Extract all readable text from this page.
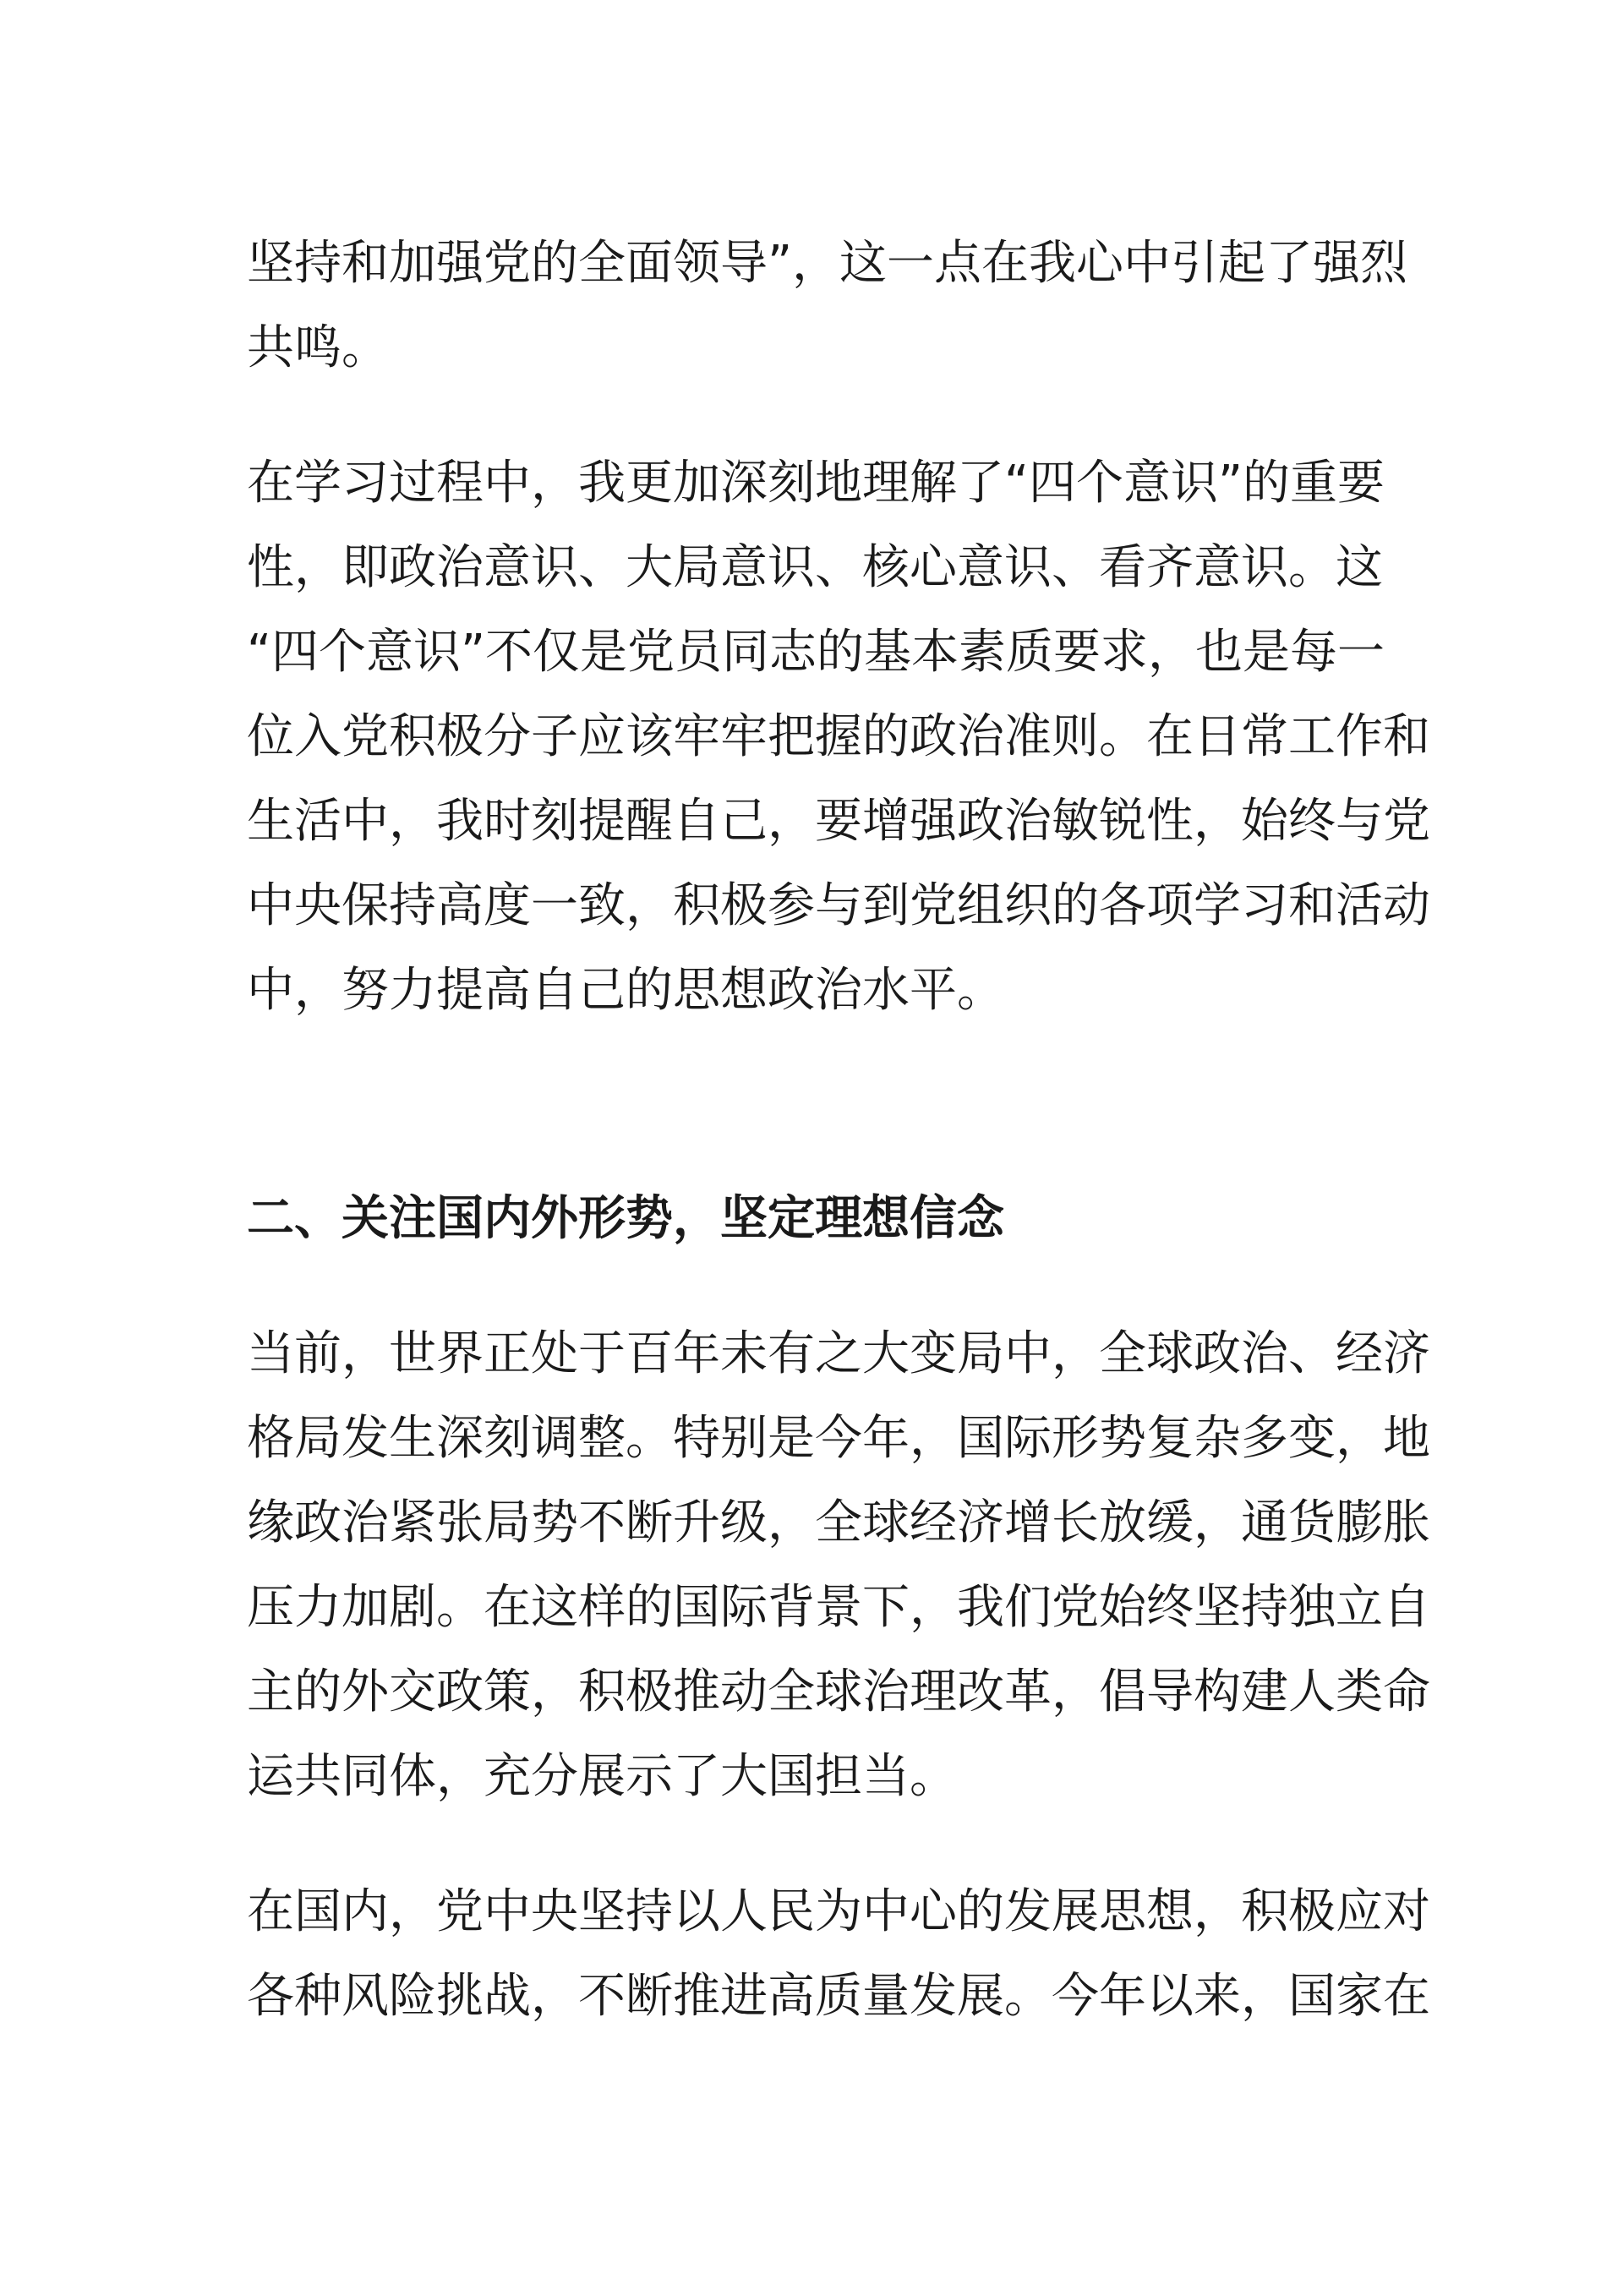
坚持和加强党的全面领导”，这一点在我心中引起了强烈
共鸣。
在学习过程中，我更加深刻地理解了“四个意识”的重要
性，即政治意识、大局意识、核心意识、看齐意识。这
“四个意识”不仅是党员同志的基本素质要求，也是每一
位入党积极分子应该牢牢把握的政治准则。在日常工作和
生活中，我时刻提醒自己，要增强政治敏锐性，始终与党
中央保持高度一致，积极参与到党组织的各项学习和活动
中，努力提高自己的思想政治水平。
二、关注国内外形势，坚定理想信念
当前，世界正处于百年未有之大变局中，全球政治、经济
格局发生深刻调整。特别是今年，国际形势复杂多变，地
缘政治紧张局势不断升级，全球经济增长放缓，通货膨胀
压力加剧。在这样的国际背景下，我们党始终坚持独立自
主的外交政策，积极推动全球治理改革，倡导构建人类命
运共同体，充分展示了大国担当。
在国内，党中央坚持以人民为中心的发展思想，积极应对
各种风险挑战，不断推进高质量发展。今年以来，国家在
